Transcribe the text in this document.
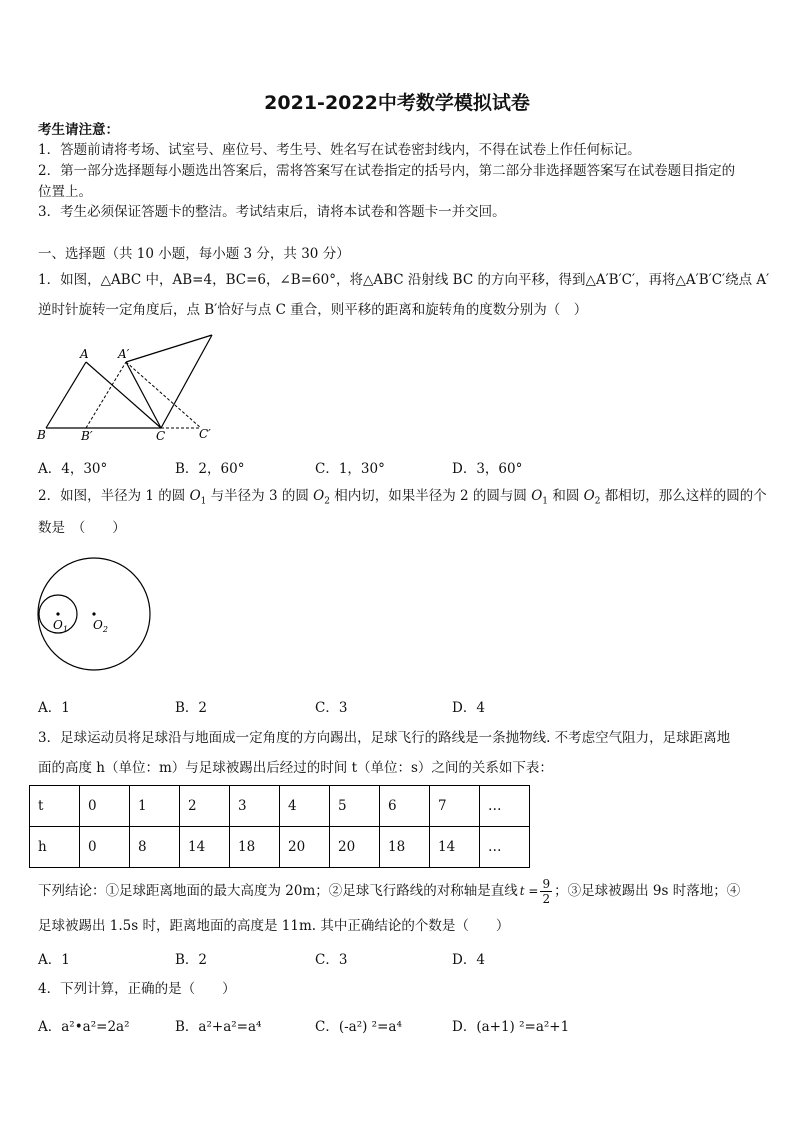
2021-2022中考数学模拟试卷
考生请注意：
1．答题前请将考场、试室号、座位号、考生号、姓名写在试卷密封线内，不得在试卷上作任何标记。
2．第一部分选择题每小题选出答案后，需将答案写在试卷指定的括号内，第二部分非选择题答案写在试卷题目指定的
位置上。
3．考生必须保证答题卡的整洁。考试结束后，请将本试卷和答题卡一并交回。
一、选择题（共 10 小题，每小题 3 分，共 30 分）
1．如图，△ABC 中，AB=4，BC=6，∠B=60°，将△ABC 沿射线 BC 的方向平移，得到△A′B′C′，再将△A′B′C′绕点 A′
逆时针旋转一定角度后，点 B′恰好与点 C 重合，则平移的距离和旋转角的度数分别为（　）
A A′
B	B′	C	C′
A．4，30°	B．2，60°	C．1，30°	D．3，60°
2．如图，半径为 1 的圆 $O_1$ 与半径为 3 的圆 $O_2$ 相内切，如果半径为 2 的圆与圆 $O_1$ 和圆 $O_2$ 都相切，那么这样的圆的个
数是　（　　）
$O_1$ $O_2$
A．1	B．2	C．3	D．4
3．足球运动员将足球沿与地面成一定角度的方向踢出，足球飞行的路线是一条抛物线. 不考虑空气阻力，足球距离地
面的高度 h（单位：m）与足球被踢出后经过的时间 t（单位：s）之间的关系如下表：
t	0	1	2	3	4	5	6	7	…
h	0	8	14	18	20	20	18	14	…
下列结论：①足球距离地面的最大高度为 20m；②足球飞行路线的对称轴是直线 $t = \frac{9}{2}$ ；③足球被踢出 9s 时落地；④
足球被踢出 1.5s 时，距离地面的高度是 11m. 其中正确结论的个数是（　　）
A．1	B．2	C．3	D．4
4．下列计算，正确的是（　　）
A．a²•a²=2a²	B．a²+a²=a⁴	C．(-a²) ²=a⁴	D．(a+1) ²=a²+1
